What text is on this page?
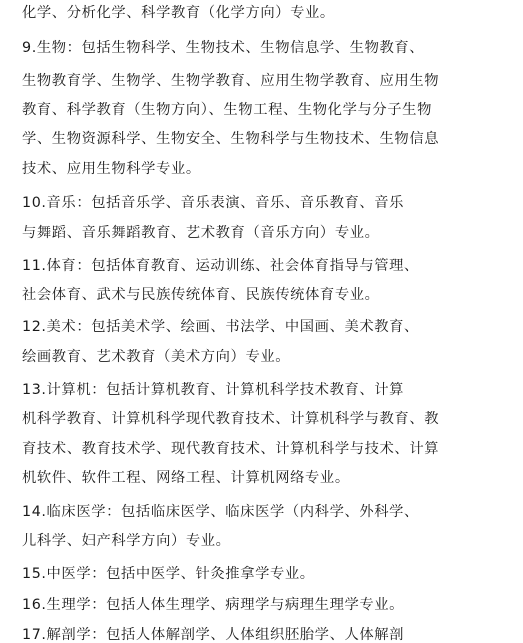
化学、分析化学、科学教育（化学方向）专业。
9.生物：包括生物科学、生物技术、生物信息学、生物教育、
生物教育学、生物学、生物学教育、应用生物学教育、应用生物
教育、科学教育（生物方向）、生物工程、生物化学与分子生物
学、生物资源科学、生物安全、生物科学与生物技术、生物信息
技术、应用生物科学专业。
10.音乐：包括音乐学、音乐表演、音乐、音乐教育、音乐
与舞蹈、音乐舞蹈教育、艺术教育（音乐方向）专业。
11.体育：包括体育教育、运动训练、社会体育指导与管理、
社会体育、武术与民族传统体育、民族传统体育专业。
12.美术：包括美术学、绘画、书法学、中国画、美术教育、
绘画教育、艺术教育（美术方向）专业。
13.计算机：包括计算机教育、计算机科学技术教育、计算
机科学教育、计算机科学现代教育技术、计算机科学与教育、教
育技术、教育技术学、现代教育技术、计算机科学与技术、计算
机软件、软件工程、网络工程、计算机网络专业。
14.临床医学：包括临床医学、临床医学（内科学、外科学、
儿科学、妇产科学方向）专业。
15.中医学：包括中医学、针灸推拿学专业。
16.生理学：包括人体生理学、病理学与病理生理学专业。
17.解剖学：包括人体解剖学、人体组织胚胎学、人体解剖
